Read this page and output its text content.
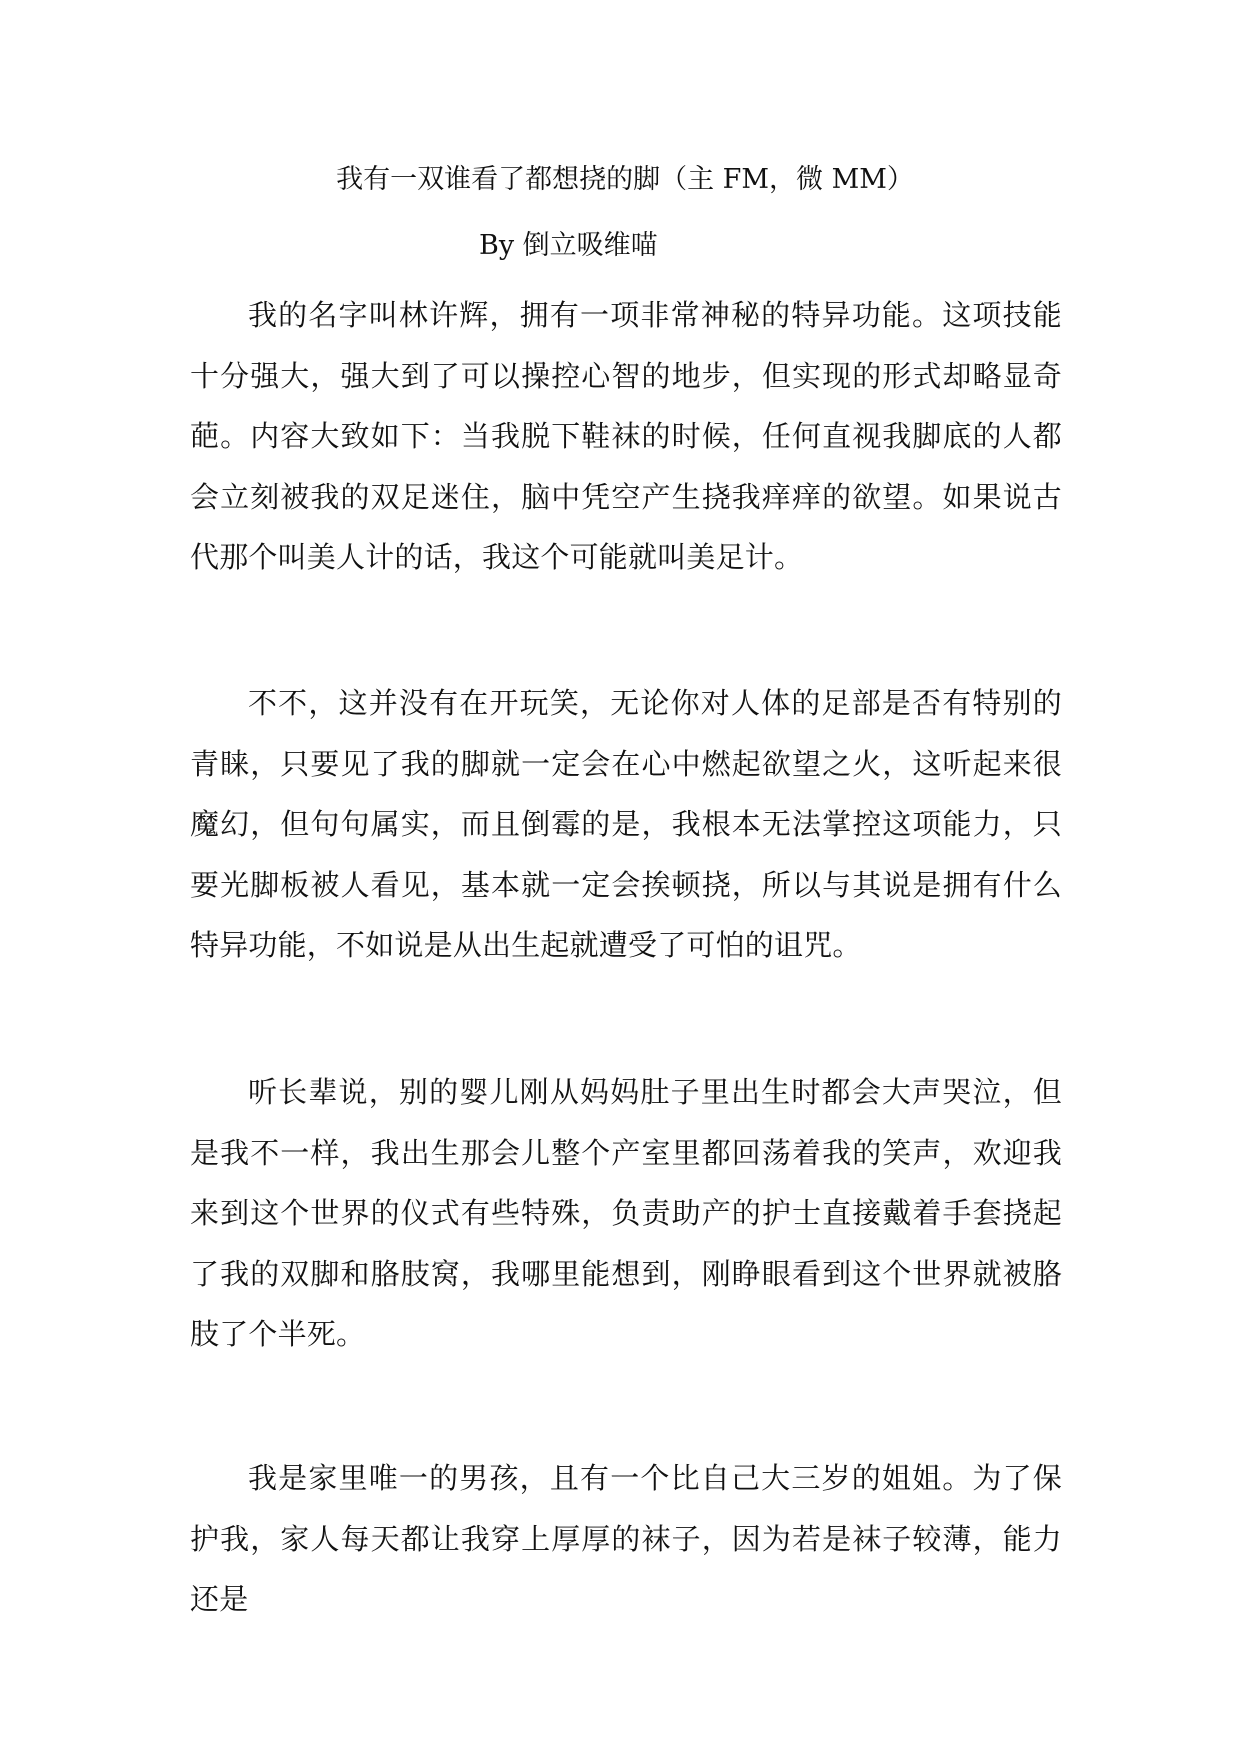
我有一双谁看了都想挠的脚（主 FM，微 MM）
By 倒立吸维喵

我的名字叫林许辉，拥有一项非常神秘的特异功能。这项技能十分强大，强大到了可以操控心智的地步，但实现的形式却略显奇葩。内容大致如下：当我脱下鞋袜的时候，任何直视我脚底的人都会立刻被我的双足迷住，脑中凭空产生挠我痒痒的欲望。如果说古代那个叫美人计的话，我这个可能就叫美足计。

不不，这并没有在开玩笑，无论你对人体的足部是否有特别的青睐，只要见了我的脚就一定会在心中燃起欲望之火，这听起来很魔幻，但句句属实，而且倒霉的是，我根本无法掌控这项能力，只要光脚板被人看见，基本就一定会挨顿挠，所以与其说是拥有什么特异功能，不如说是从出生起就遭受了可怕的诅咒。

听长辈说，别的婴儿刚从妈妈肚子里出生时都会大声哭泣，但是我不一样，我出生那会儿整个产室里都回荡着我的笑声，欢迎我来到这个世界的仪式有些特殊，负责助产的护士直接戴着手套挠起了我的双脚和胳肢窝，我哪里能想到，刚睁眼看到这个世界就被胳肢了个半死。

我是家里唯一的男孩，且有一个比自己大三岁的姐姐。为了保护我，家人每天都让我穿上厚厚的袜子，因为若是袜子较薄，能力还是
